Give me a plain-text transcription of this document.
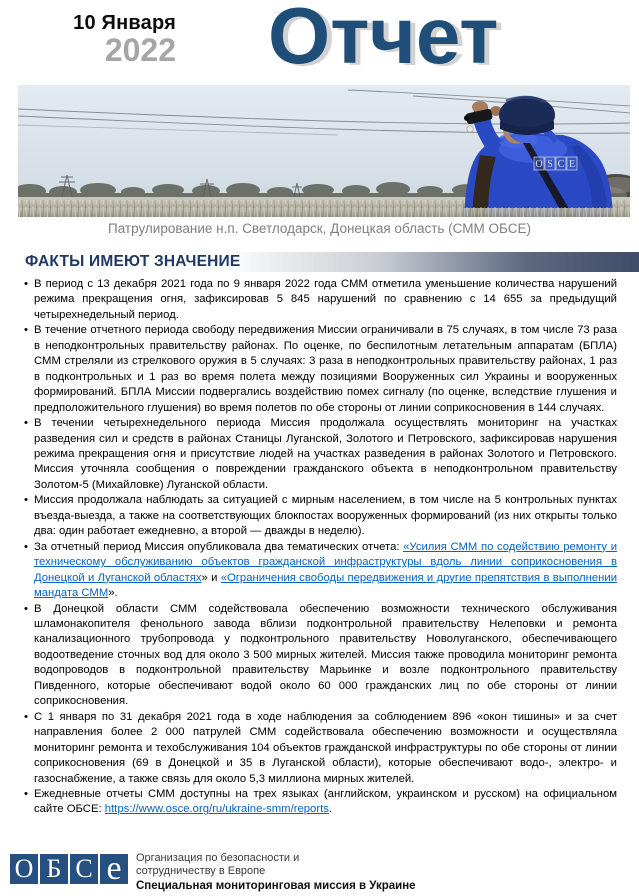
10 Января
2022 Отчет
O S C E
Патрулирование н.п. Светлодарск, Донецкая область (СММ ОБСЕ)
ФАКТЫ ИМЕЮТ ЗНАЧЕНИЕ
• В период с 13 декабря 2021 года по 9 января 2022 года СММ отметила уменьшение количества нарушений режима прекращения огня, зафиксировав 5 845 нарушений по сравнению с 14 655 за предыдущий четырехнедельный период.
• В течение отчетного периода свободу передвижения Миссии ограничивали в 75 случаях, в том числе 73 раза в неподконтрольных правительству районах. По оценке, по беспилотным летательным аппаратам (БПЛА) СММ стреляли из стрелкового оружия в 5 случаях: 3 раза в неподконтрольных правительству районах, 1 раз в подконтрольных и 1 раз во время полета между позициями Вооруженных сил Украины и вооруженных формирований. БПЛА Миссии подвергались воздействию помех сигналу (по оценке, вследствие глушения и предположительного глушения) во время полетов по обе стороны от линии соприкосновения в 144 случаях.
• В течении четырехнедельного периода Миссия продолжала осуществлять мониторинг на участках разведения сил и средств в районах Станицы Луганской, Золотого и Петровского, зафиксировав нарушения режима прекращения огня и присутствие людей на участках разведения в районах Золотого и Петровского. Миссия уточняла сообщения о повреждении гражданского объекта в неподконтрольном правительству Золотом-5 (Михайловке) Луганской области.
• Миссия продолжала наблюдать за ситуацией с мирным населением, в том числе на 5 контрольных пунктах въезда-выезда, а также на соответствующих блокпостах вооруженных формирований (из них открыты только два: один работает ежедневно, а второй — дважды в неделю).
• За отчетный период Миссия опубликовала два тематических отчета: «Усилия СММ по содействию ремонту и техническому обслуживанию объектов гражданской инфраструктуры вдоль линии соприкосновения в Донецкой и Луганской областях» и «Ограничения свободы передвижения и другие препятствия в выполнении мандата СММ».
• В Донецкой области СММ содействовала обеспечению возможности технического обслуживания шламонакопителя фенольного завода вблизи подконтрольной правительству Нелеповки и ремонта канализационного трубопровода у подконтрольного правительству Новолуганского, обеспечивающего водоотведение сточных вод для около 3 500 мирных жителей. Миссия также проводила мониторинг ремонта водопроводов в подконтрольной правительству Марьинке и возле подконтрольного правительству Пивденного, которые обеспечивают водой около 60 000 гражданских лиц по обе стороны от линии соприкосновения.
• С 1 января по 31 декабря 2021 года в ходе наблюдения за соблюдением 896 «окон тишины» и за счет направления более 2 000 патрулей СММ содействовала обеспечению возможности и осуществляла мониторинг ремонта и техобслуживания 104 объектов гражданской инфраструктуры по обе стороны от линии соприкосновения (69 в Донецкой и 35 в Луганской области), которые обеспечивают водо-, электро- и газоснабжение, а также связь для около 5,3 миллиона мирных жителей.
• Ежедневные отчеты СММ доступны на трех языках (английском, украинском и русском) на официальном сайте ОБСЕ: https://www.osce.org/ru/ukraine-smm/reports.
О Б С е	Организация по безопасности и
сотрудничеству в Европе
Специальная мониторинговая миссия в Украине
